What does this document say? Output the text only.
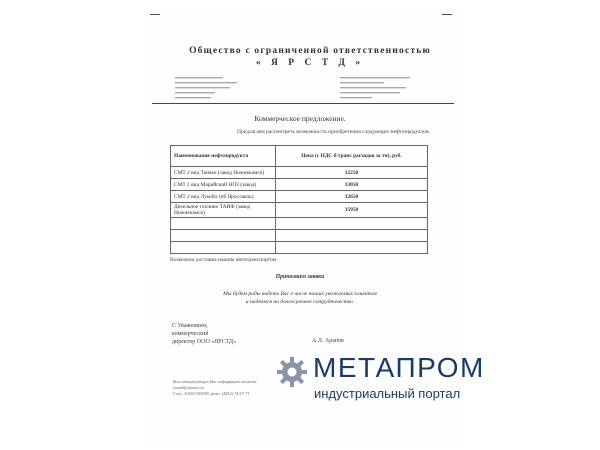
Общество с ограниченной ответственностью
« Я Р С Т Д »
Коммерческое предложение.
Предлагаем рассмотреть возможность приобретения следующих нефтепродуктов.
Наименование нефтепродукта	Цена (с НДС б/транс расходов за тн), руб.
СМТ 2 вид Танеко (завод Нижнекамск)	32250
СМТ 1 вид Марийский НПЗ (завод)	33050
СМТ 2 вид Лукойл (пб Ярославль)	32650
Дизельное топливо ТАИФ (завод Нижнекамск)	35950

Возможна доставка нашим автотранспортом
Принимаем заявки
Мы будем рады видеть Вас в числе наших уважаемых клиентов
и надеемся на долгосрочное сотрудничество.
С Уважением,
коммерческий
директор ООО «ЯРСТД»	А.Л. Арапов
Всю интересующую Вас информацию можете
yarstd@yandex.ru
Сот.: 8 9201393099, факс: (4852) 74-67-71
МЕТАПРОМ
индустриальный портал
